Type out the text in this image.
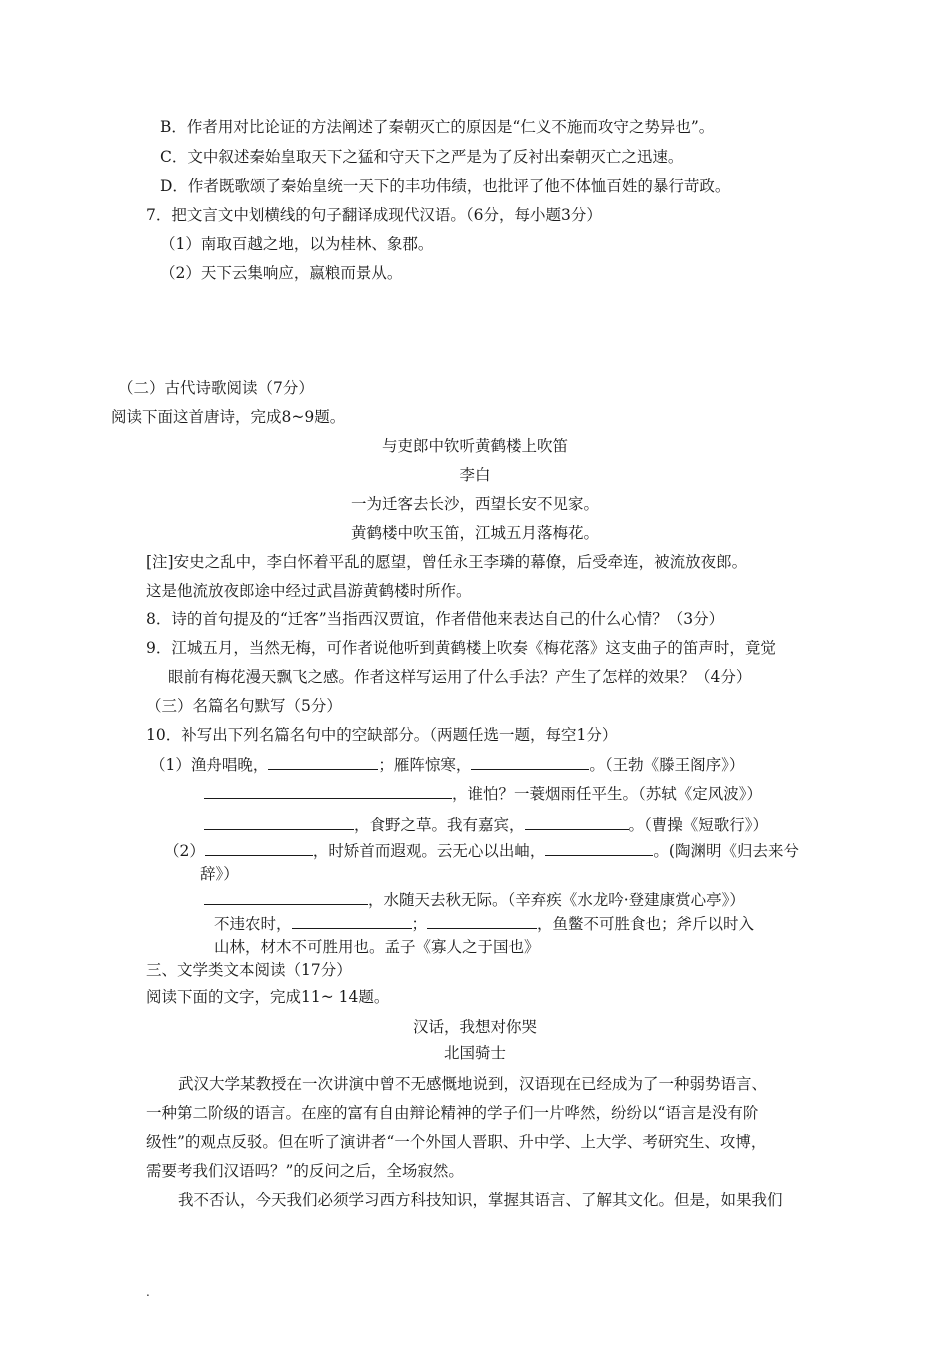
B．作者用对比论证的方法阐述了秦朝灭亡的原因是“仁义不施而攻守之势异也”。
C．文中叙述秦始皇取天下之猛和守天下之严是为了反衬出秦朝灭亡之迅速。
D．作者既歌颂了秦始皇统一天下的丰功伟绩，也批评了他不体恤百姓的暴行苛政。
7．把文言文中划横线的句子翻译成现代汉语。（6分，每小题3分）
（1）南取百越之地，以为桂林、象郡。
（2）天下云集响应，嬴粮而景从。
（二）古代诗歌阅读（7分）
阅读下面这首唐诗，完成8~9题。
与吏郎中钦听黄鹤楼上吹笛
李白
一为迁客去长沙，西望长安不见家。
黄鹤楼中吹玉笛，江城五月落梅花。
[注]安史之乱中，李白怀着平乱的愿望，曾任永王李璘的幕僚，后受牵连，被流放夜郎。
这是他流放夜郎途中经过武昌游黄鹤楼时所作。
8．诗的首句提及的“迁客”当指西汉贾谊，作者借他来表达自己的什么心情？（3分）
9．江城五月，当然无梅，可作者说他听到黄鹤楼上吹奏《梅花落》这支曲子的笛声时，竟觉
眼前有梅花漫天飘飞之感。作者这样写运用了什么手法？产生了怎样的效果？（4分）
（三）名篇名句默写（5分）
10．补写出下列名篇名句中的空缺部分。（两题任选一题，每空1分）
（1）渔舟唱晚，	；雁阵惊寒，	。（王勃《滕王阁序》）
，谁怕？一蓑烟雨任平生。（苏轼《定风波》）
，食野之草。我有嘉宾，	。（曹操《短歌行》）
（2）	，时矫首而遐观。云无心以出岫，	。(陶渊明《归去来兮
辞》）
，水随天去秋无际。（辛弃疾《水龙吟·登建康赏心亭》）
不违农时，	；	，鱼鳖不可胜食也；斧斤以时入
山林，材木不可胜用也。孟子《寡人之于国也》
三、文学类文本阅读（17分）
阅读下面的文字，完成11~ 14题。
汉话，我想对你哭
北国骑士
武汉大学某教授在一次讲演中曾不无感慨地说到，汉语现在已经成为了一种弱势语言、
一种第二阶级的语言。在座的富有自由辩论精神的学子们一片哗然，纷纷以“语言是没有阶
级性”的观点反驳。但在听了演讲者“一个外国人晋职、升中学、上大学、考研究生、攻博，
需要考我们汉语吗？”的反问之后，全场寂然。
我不否认，今天我们必须学习西方科技知识，掌握其语言、了解其文化。但是，如果我们
.
